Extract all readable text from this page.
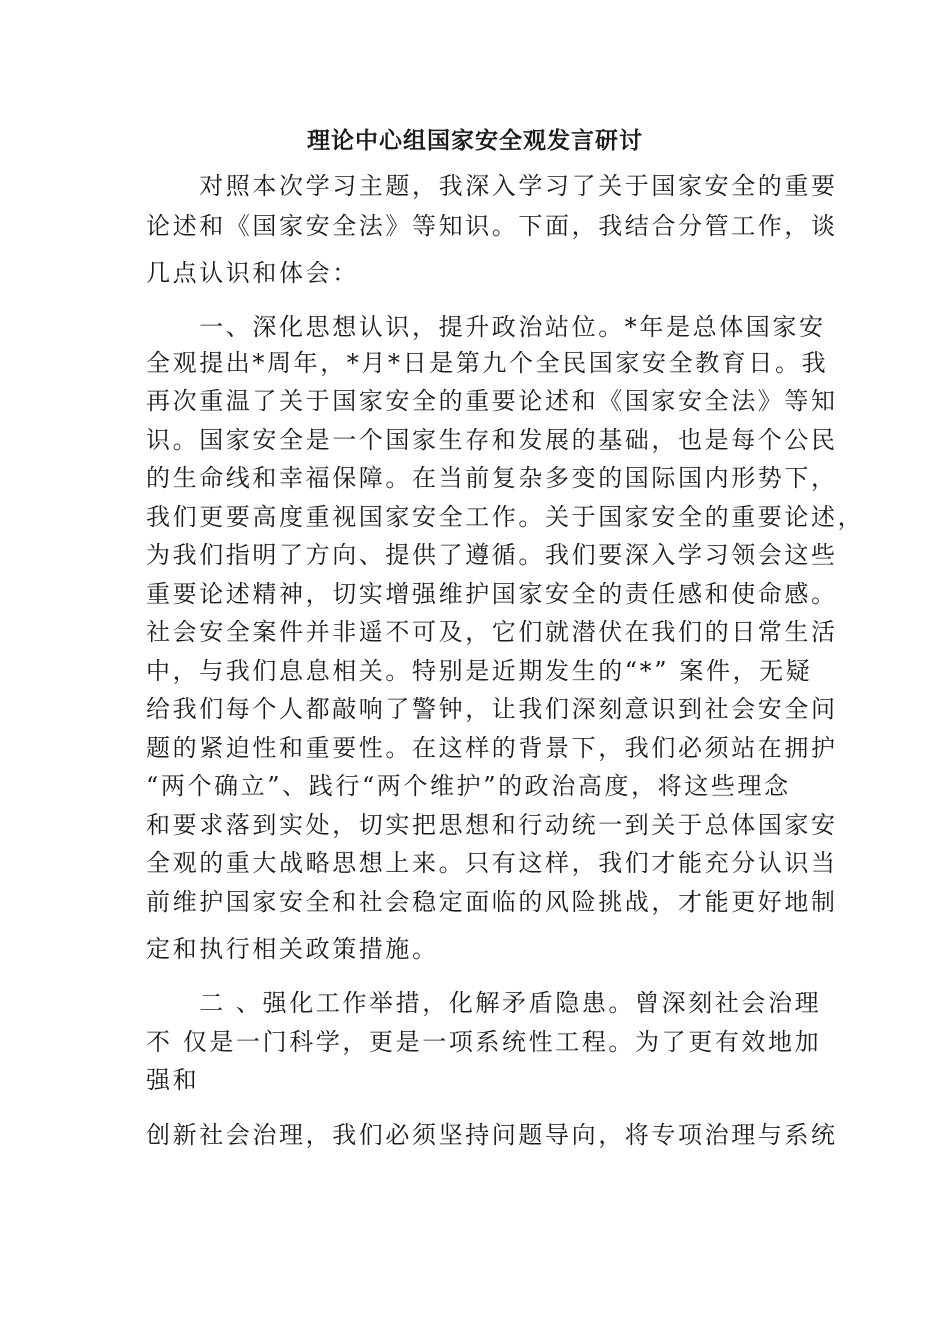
理论中心组国家安全观发言研讨
　　对照本次学习主题，我深入学习了关于国家安全的重要
论述和《国家安全法》等知识。下面，我结合分管工作，谈
几点认识和体会：
　　一、深化思想认识，提升政治站位。*年是总体国家安
全观提出*周年，*月*日是第九个全民国家安全教育日。我
再次重温了关于国家安全的重要论述和《国家安全法》等知
识。国家安全是一个国家生存和发展的基础，也是每个公民
的生命线和幸福保障。在当前复杂多变的国际国内形势下，
我们更要高度重视国家安全工作。关于国家安全的重要论述，
为我们指明了方向、提供了遵循。我们要深入学习领会这些
重要论述精神，切实增强维护国家安全的责任感和使命感。
社会安全案件并非遥不可及，它们就潜伏在我们的日常生活
中，与我们息息相关。特别是近期发生的“*” 案件，无疑
给我们每个人都敲响了警钟，让我们深刻意识到社会安全问
题的紧迫性和重要性。在这样的背景下，我们必须站在拥护
“两个确立”、践行“两个维护”的政治高度，将这些理念
和要求落到实处，切实把思想和行动统一到关于总体国家安
全观的重大战略思想上来。只有这样，我们才能充分认识当
前维护国家安全和社会稳定面临的风险挑战，才能更好地制
定和执行相关政策措施。
　　二 、强化工作举措，化解矛盾隐患。曾深刻社会治理
不 仅是一门科学，更是一项系统性工程。为了更有效地加
强和
创新社会治理，我们必须坚持问题导向，将专项治理与系统
